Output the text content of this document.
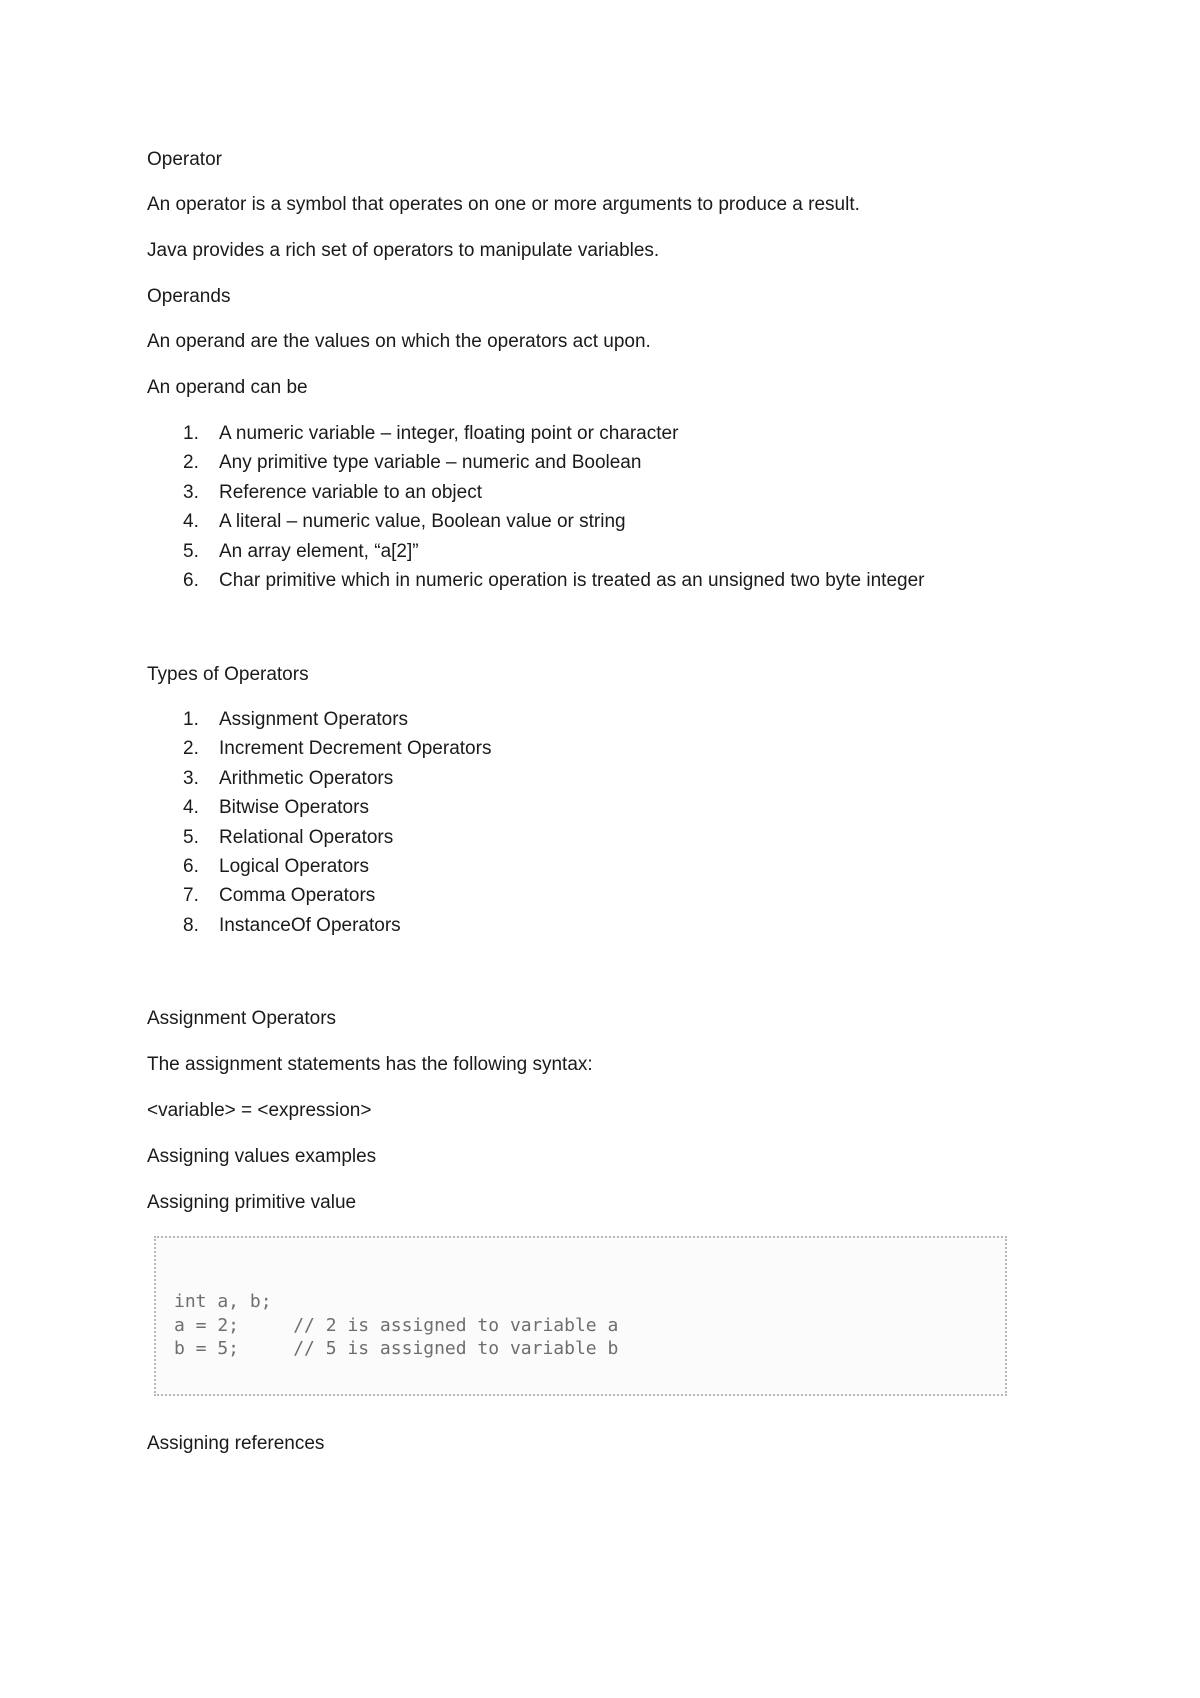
Operator
An operator is a symbol that operates on one or more arguments to produce a result.
Java provides a rich set of operators to manipulate variables.
Operands
An operand are the values on which the operators act upon.
An operand can be
1.	A numeric variable – integer, floating point or character
2.	Any primitive type variable – numeric and Boolean
3.	Reference variable to an object
4.	A literal – numeric value, Boolean value or string
5.	An array element, “a[2]”
6.	Char primitive which in numeric operation is treated as an unsigned two byte integer
Types of Operators
1.	Assignment Operators
2.	Increment Decrement Operators
3.	Arithmetic Operators
4.	Bitwise Operators
5.	Relational Operators
6.	Logical Operators
7.	Comma Operators
8.	InstanceOf Operators
Assignment Operators
The assignment statements has the following syntax:
<variable> = <expression>
Assigning values examples
Assigning primitive value
int a, b;
a = 2;     // 2 is assigned to variable a
b = 5;     // 5 is assigned to variable b
Assigning references
